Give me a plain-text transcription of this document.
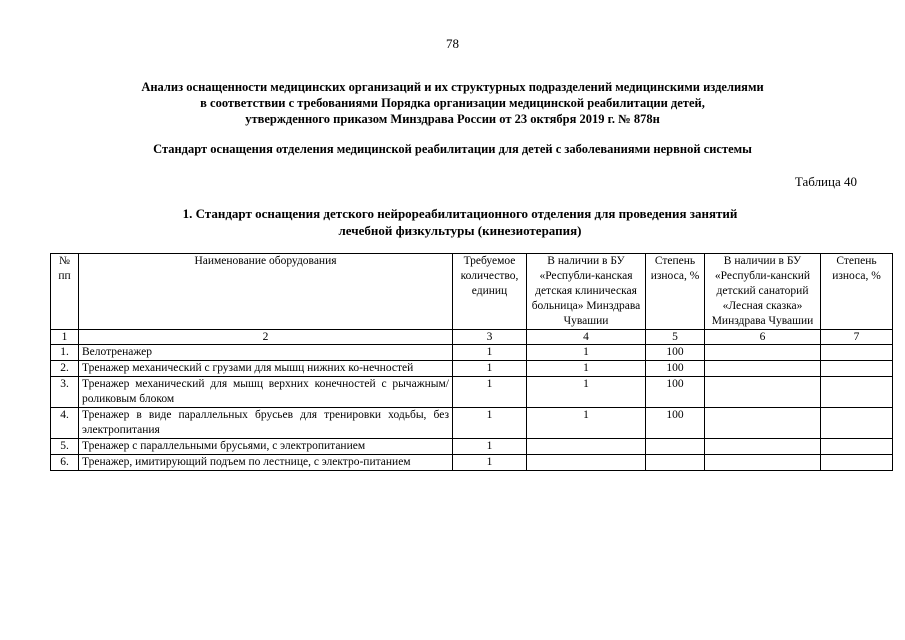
78
Анализ оснащенности медицинских организаций и их структурных подразделений медицинскими изделиями
в соответствии с требованиями Порядка организации медицинской реабилитации детей,
утвержденного приказом Минздрава России от 23 октября 2019 г. № 878н
Стандарт оснащения отделения медицинской реабилитации для детей с заболеваниями нервной системы
Таблица 40
1. Стандарт оснащения детского нейрореабилитационного отделения для проведения занятий
лечебной физкультуры (кинезиотерапия)
№ пп	Наименование оборудования	Требуемое количество, единиц	В наличии в БУ «Республи-канская детская клиническая больница» Минздрава Чувашии	Степень износа, %	В наличии в БУ «Республи-канский детский санаторий «Лесная сказка» Минздрава Чувашии	Степень износа, %
1	2	3	4	5	6	7
1.	Велотренажер	1	1	100		
2.	Тренажер механический с грузами для мышц нижних ко-нечностей	1	1	100		
3.	Тренажер механический для мышц верхних конечностей с рычажным/роликовым блоком	1	1	100		
4.	Тренажер в виде параллельных брусьев для тренировки ходьбы, без электропитания	1	1	100		
5.	Тренажер с параллельными брусьями, с электропитанием	1				
6.	Тренажер, имитирующий подъем по лестнице, с электро-питанием	1				
